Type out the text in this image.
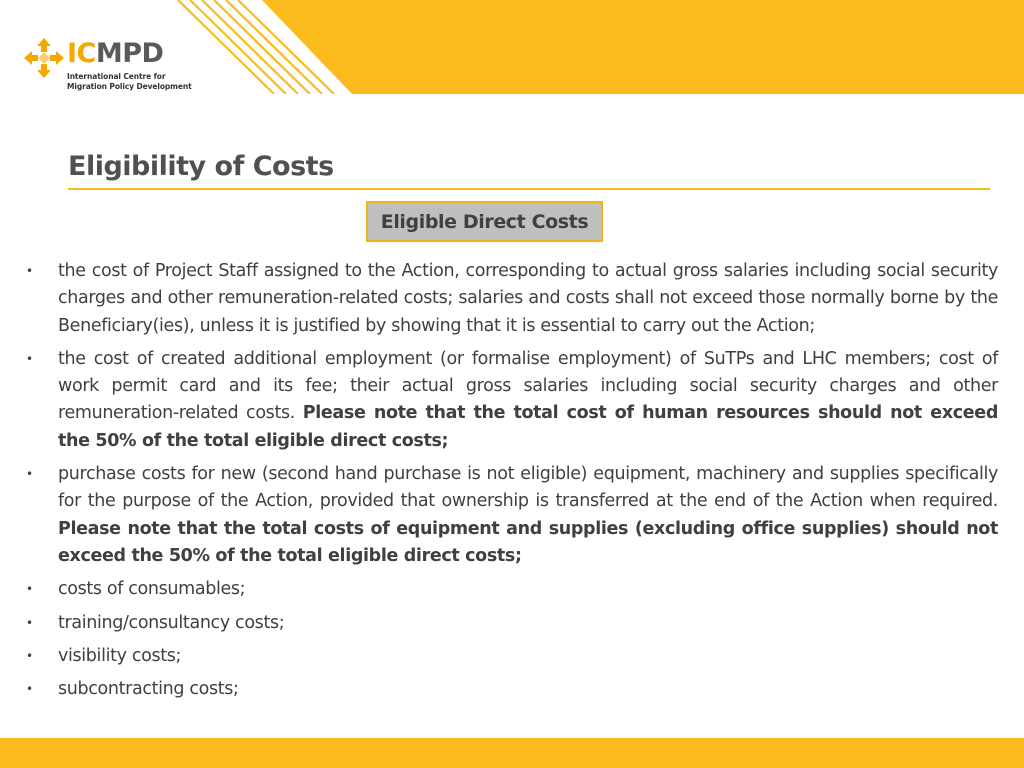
ICMPD
International Centre for
Migration Policy Development
Eligibility of Costs
Eligible Direct Costs
• the cost of Project Staff assigned to the Action, corresponding to actual gross salaries including social security charges and other remuneration-related costs; salaries and costs shall not exceed those normally borne by the Beneficiary(ies), unless it is justified by showing that it is essential to carry out the Action;
• the cost of created additional employment (or formalise employment) of SuTPs and LHC members; cost of work permit card and its fee; their actual gross salaries including social security charges and other remuneration-related costs. Please note that the total cost of human resources should not exceed the 50% of the total eligible direct costs;
• purchase costs for new (second hand purchase is not eligible) equipment, machinery and supplies specifically for the purpose of the Action, provided that ownership is transferred at the end of the Action when required. Please note that the total costs of equipment and supplies (excluding office supplies) should not exceed the 50% of the total eligible direct costs;
• costs of consumables;
• training/consultancy costs;
• visibility costs;
• subcontracting costs;
